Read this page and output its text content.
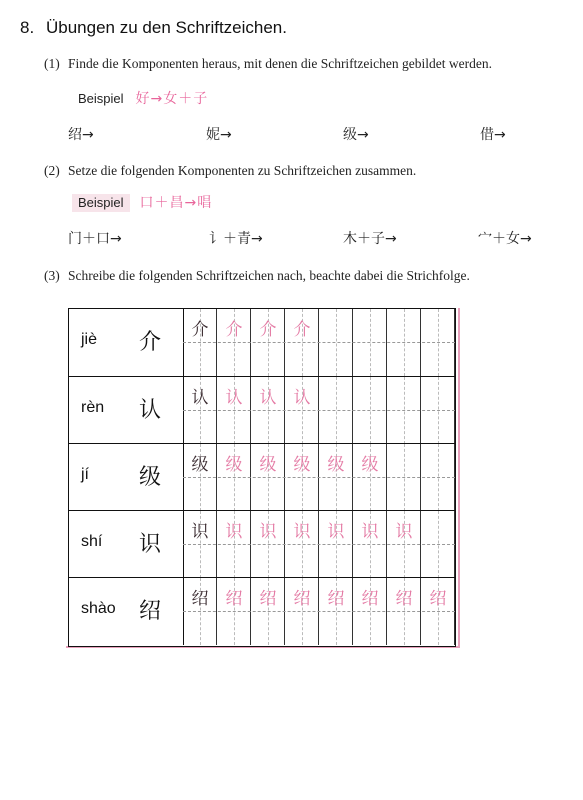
8. Übungen zu den Schriftzeichen.
(1) Finde die Komponenten heraus, mit denen die Schriftzeichen gebildet werden.
Beispiel 好→女＋子
绍→	妮→	级→	借→
(2) Setze die folgenden Komponenten zu Schriftzeichen zusammen.
Beispiel 口＋昌→唱
门＋口→	讠＋青→	木＋子→	宀＋女→
(3) Schreibe die folgenden Schriftzeichen nach, beachte dabei die Strichfolge.
jiè 介	介	介	介	介
rèn 认	认	认	认	认
jí 级	级	级	级	级	级	级
shí 识	识	识	识	识	识	识	识
shào 绍	绍	绍	绍	绍	绍	绍	绍	绍
